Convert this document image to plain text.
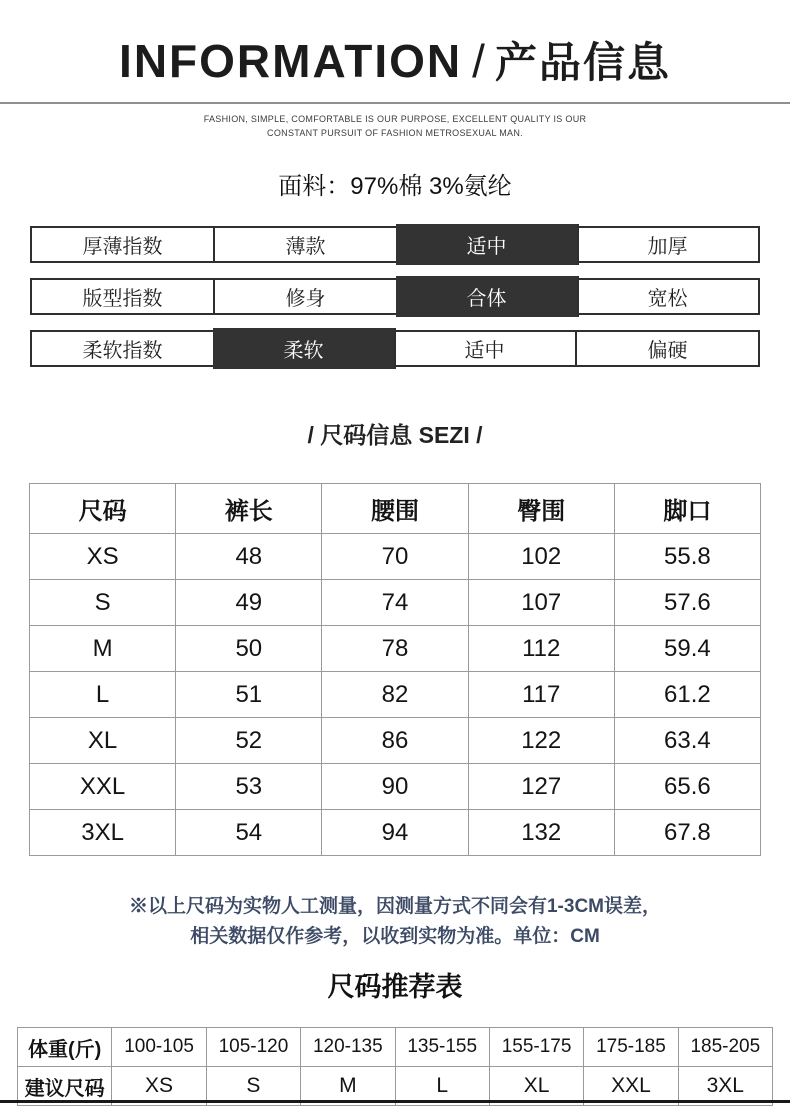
INFORMATION / 产品信息
FASHION, SIMPLE, COMFORTABLE IS OUR PURPOSE, EXCELLENT QUALITY IS OUR
CONSTANT PURSUIT OF FASHION METROSEXUAL MAN.
面料：97%棉 3%氨纶
厚薄指数	薄款	适中	加厚
版型指数	修身	合体	宽松
柔软指数	柔软	适中	偏硬
/ 尺码信息 SEZI /
尺码	裤长	腰围	臀围	脚口
XS	48	70	102	55.8
S	49	74	107	57.6
M	50	78	112	59.4
L	51	82	117	61.2
XL	52	86	122	63.4
XXL	53	90	127	65.6
3XL	54	94	132	67.8
※以上尺码为实物人工测量，因测量方式不同会有1-3CM误差，
相关数据仅作参考，以收到实物为准。单位：CM
尺码推荐表
体重(斤)	100-105	105-120	120-135	135-155	155-175	175-185	185-205
建议尺码	XS	S	M	L	XL	XXL	3XL
